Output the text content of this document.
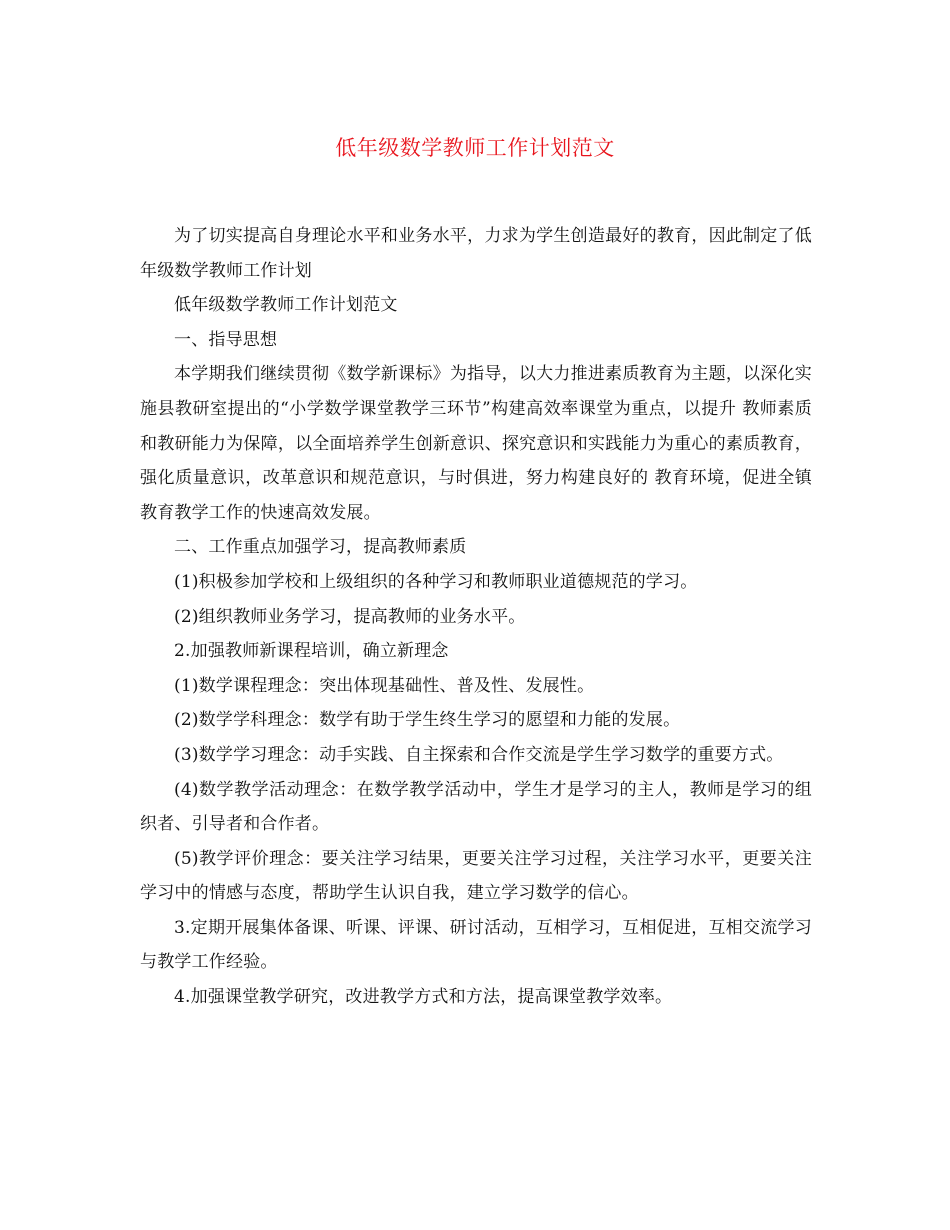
低年级数学教师工作计划范文

为了切实提高自身理论水平和业务水平，力求为学生创造最好的教育，因此制定了低年级数学教师工作计划

低年级数学教师工作计划范文

一、指导思想

本学期我们继续贯彻《数学新课标》为指导，以大力推进素质教育为主题，以深化实施县教研室提出的“小学数学课堂教学三环节”构建高效率课堂为重点，以提升 教师素质和教研能力为保障，以全面培养学生创新意识、探究意识和实践能力为重心的素质教育，强化质量意识，改革意识和规范意识，与时俱进，努力构建良好的 教育环境，促进全镇教育教学工作的快速高效发展。

二、工作重点加强学习，提高教师素质

(1)积极参加学校和上级组织的各种学习和教师职业道德规范的学习。

(2)组织教师业务学习，提高教师的业务水平。

2.加强教师新课程培训，确立新理念

(1)数学课程理念：突出体现基础性、普及性、发展性。

(2)数学学科理念：数学有助于学生终生学习的愿望和力能的发展。

(3)数学学习理念：动手实践、自主探索和合作交流是学生学习数学的重要方式。

(4)数学教学活动理念：在数学教学活动中，学生才是学习的主人，教师是学习的组织者、引导者和合作者。

(5)教学评价理念：要关注学习结果，更要关注学习过程，关注学习水平，更要关注学习中的情感与态度，帮助学生认识自我，建立学习数学的信心。

3.定期开展集体备课、听课、评课、研讨活动，互相学习，互相促进，互相交流学习与教学工作经验。

4.加强课堂教学研究，改进教学方式和方法，提高课堂教学效率。
